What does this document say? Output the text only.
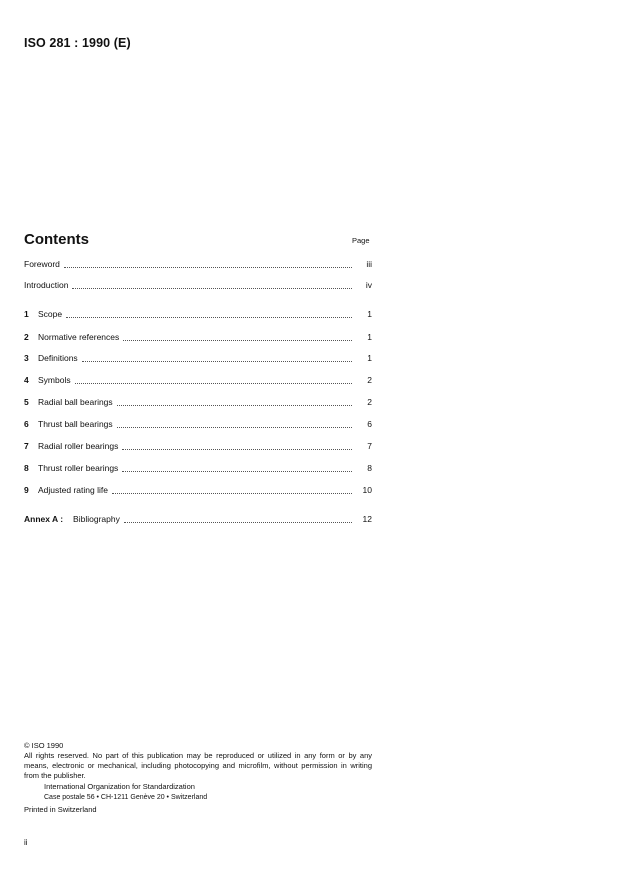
ISO 281 : 1990 (E)
Contents	Page
Foreword	iii
Introduction	iv
1	Scope	1
2	Normative references	1
3	Definitions	1
4	Symbols	2
5	Radial ball bearings	2
6	Thrust ball bearings	6
7	Radial roller bearings	7
8	Thrust roller bearings	8
9	Adjusted rating life	10
Annex A : Bibliography	12
© ISO 1990
All rights reserved. No part of this publication may be reproduced or utilized in any form or by any means, electronic or mechanical, including photocopying and microfilm, without permission in writing from the publisher.
International Organization for Standardization
Case postale 56 • CH-1211 Genève 20 • Switzerland
Printed in Switzerland
ii
